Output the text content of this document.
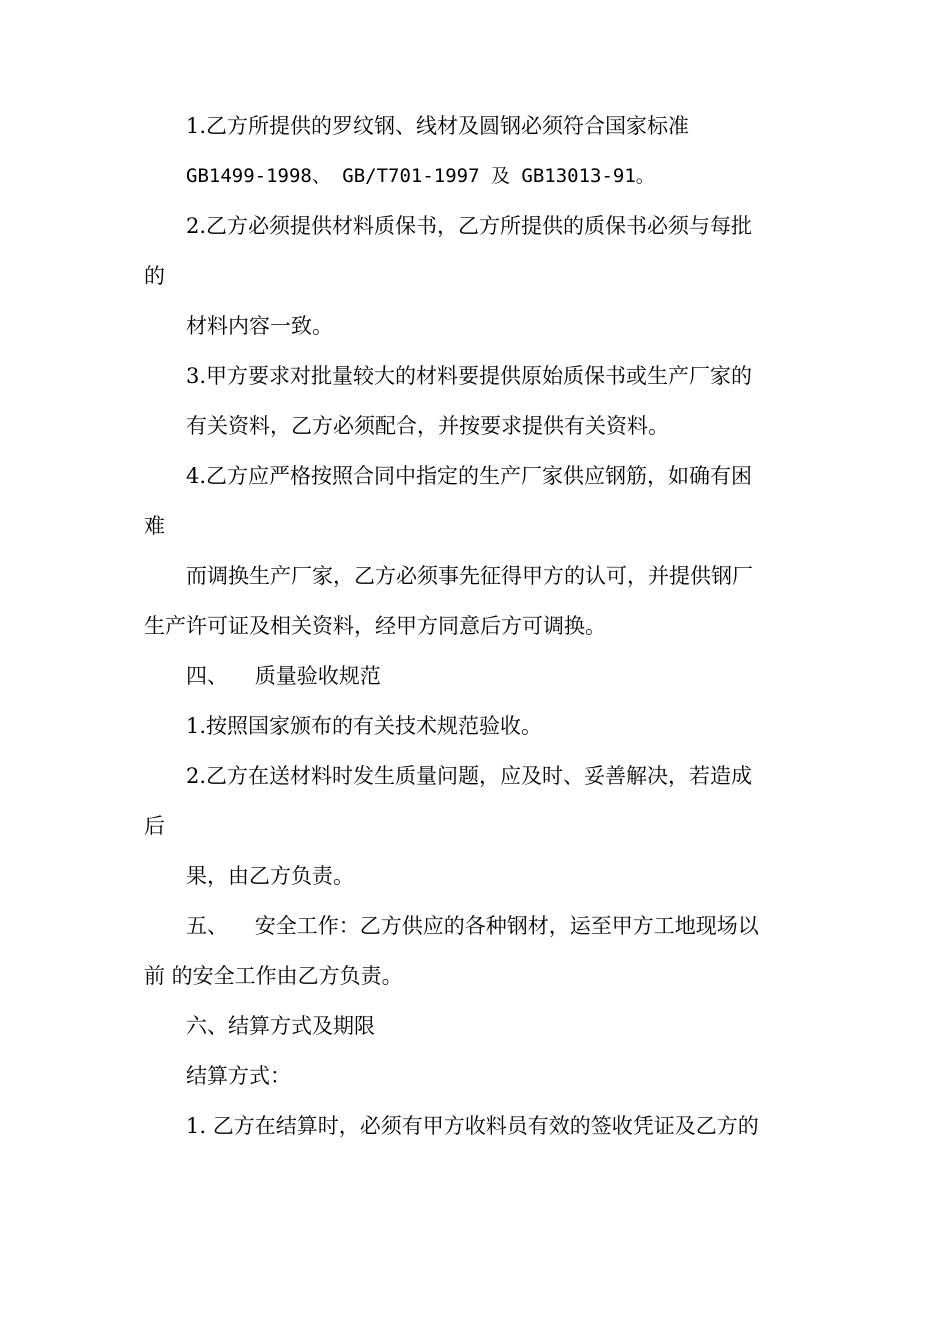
1.乙方所提供的罗纹钢、线材及圆钢必须符合国家标准
GB1499-1998、 GB/T701-1997 及 GB13013-91。
2.乙方必须提供材料质保书，乙方所提供的质保书必须与每批
的
材料内容一致。
3.甲方要求对批量较大的材料要提供原始质保书或生产厂家的
有关资料，乙方必须配合，并按要求提供有关资料。
4.乙方应严格按照合同中指定的生产厂家供应钢筋，如确有困
难
而调换生产厂家，乙方必须事先征得甲方的认可，并提供钢厂
生产许可证及相关资料，经甲方同意后方可调换。
四、    质量验收规范
1.按照国家颁布的有关技术规范验收。
2.乙方在送材料时发生质量问题，应及时、妥善解决，若造成
后
果，由乙方负责。
五、    安全工作：乙方供应的各种钢材，运至甲方工地现场以
前 的安全工作由乙方负责。
六、结算方式及期限
结算方式：
1. 乙方在结算时，必须有甲方收料员有效的签收凭证及乙方的
